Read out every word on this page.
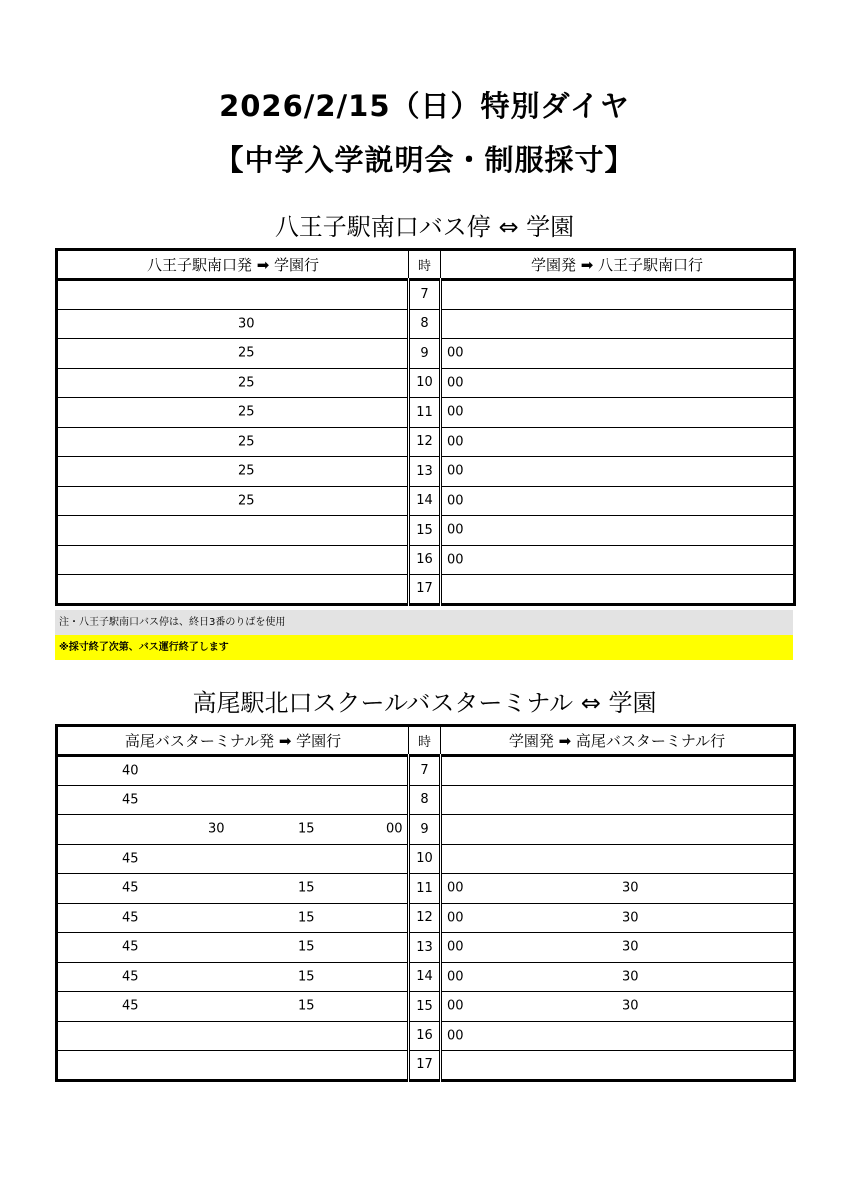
2026/2/15（日）特別ダイヤ
【中学入学説明会・制服採寸】
八王子駅南口バス停 ⇔ 学園
八王子駅南口発 ➡ 学園行	時	学園発 ➡ 八王子駅南口行
	7	

30	8	

25	9	00

25	10	00

25	11	00

25	12	00

25	13	00

25	14	00

	15	00

	16	00

	17	
注・八王子駅南口バス停は、終日3番のりばを使用
※採寸終了次第、バス運行終了します
高尾駅北口スクールバスターミナル ⇔ 学園
高尾バスターミナル発 ➡ 学園行	時	学園発 ➡ 高尾バスターミナル行

40	7	

45	8	

30 15 00	9	

45	10	

45 15	11	00 30

45 15	12	00 30

45 15	13	00 30

45 15	14	00 30

45 15	15	00 30

	16	00

	17	
